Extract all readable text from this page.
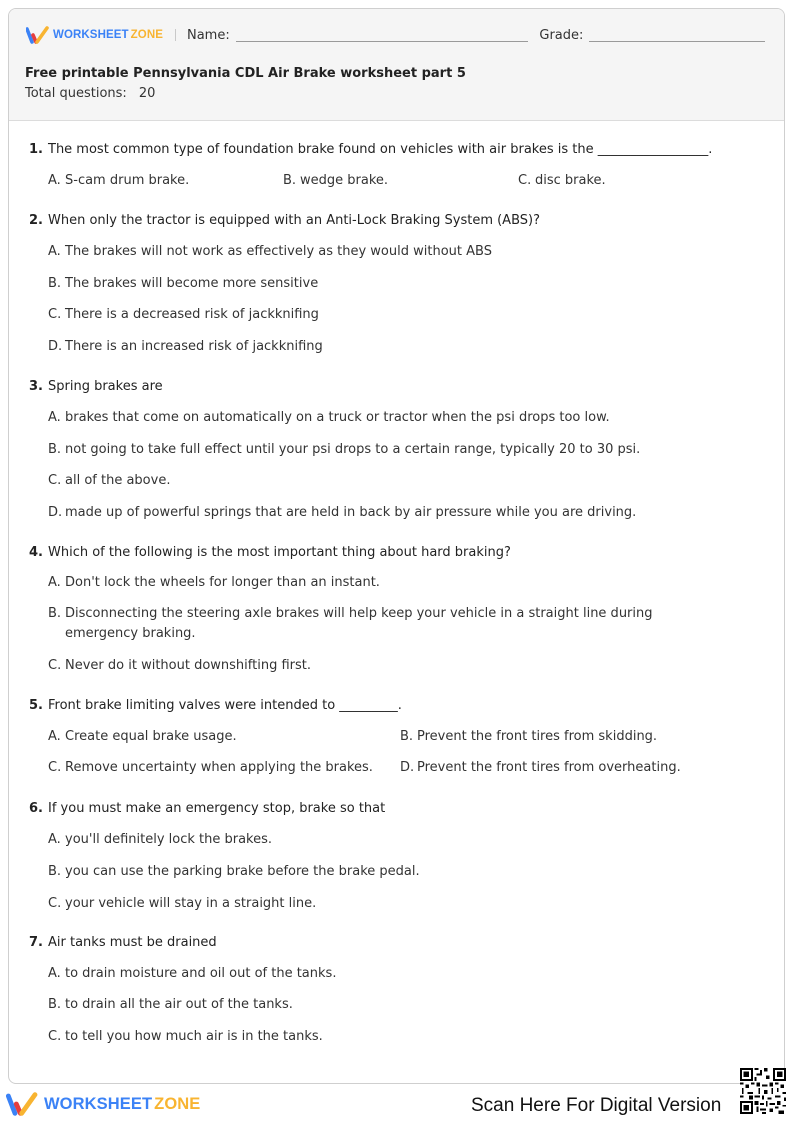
WORKSHEET ZONE Name:	Grade:
Free printable Pennsylvania CDL Air Brake worksheet part 5
Total questions: 20
1. The most common type of foundation brake found on vehicles with air brakes is the _________________.
A. S-cam drum brake.	B. wedge brake.	C. disc brake.
2. When only the tractor is equipped with an Anti-Lock Braking System (ABS)?
A. The brakes will not work as effectively as they would without ABS
B. The brakes will become more sensitive
C. There is a decreased risk of jackknifing
D. There is an increased risk of jackknifing
3. Spring brakes are
A. brakes that come on automatically on a truck or tractor when the psi drops too low.
B. not going to take full effect until your psi drops to a certain range, typically 20 to 30 psi.
C. all of the above.
D. made up of powerful springs that are held in back by air pressure while you are driving.
4. Which of the following is the most important thing about hard braking?
A. Don't lock the wheels for longer than an instant.
B. Disconnecting the steering axle brakes will help keep your vehicle in a straight line during emergency braking.
C. Never do it without downshifting first.
5. Front brake limiting valves were intended to _________.
A. Create equal brake usage.	B. Prevent the front tires from skidding.
C. Remove uncertainty when applying the brakes. D. Prevent the front tires from overheating.
6. If you must make an emergency stop, brake so that
A. you'll definitely lock the brakes.
B. you can use the parking brake before the brake pedal.
C. your vehicle will stay in a straight line.
7. Air tanks must be drained
A. to drain moisture and oil out of the tanks.
B. to drain all the air out of the tanks.
C. to tell you how much air is in the tanks.
WORKSHEET ZONE	Scan Here For Digital Version
